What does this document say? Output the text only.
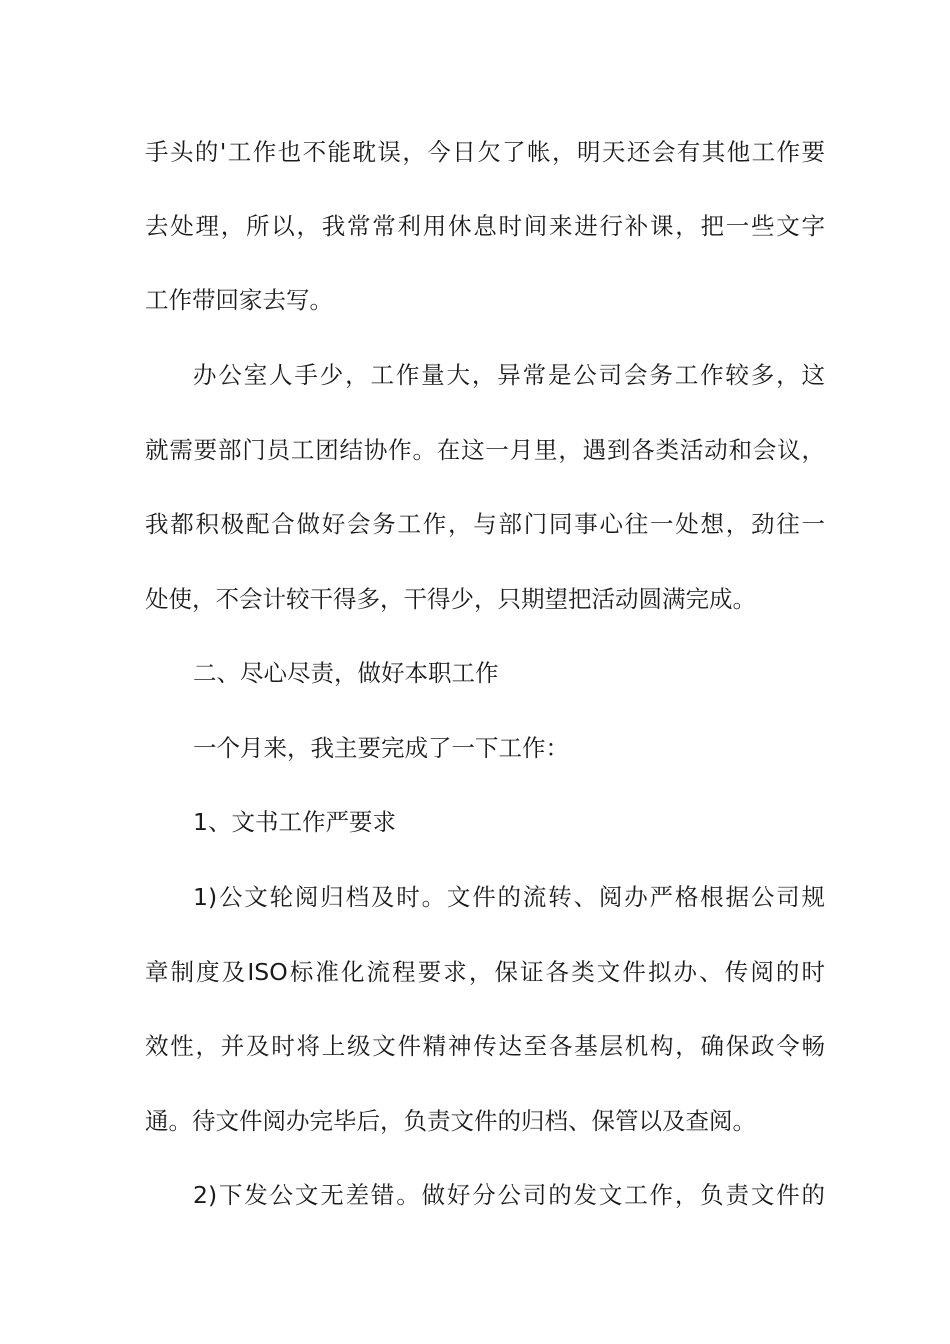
手头的'工作也不能耽误，今日欠了帐，明天还会有其他工作要
去处理，所以，我常常利用休息时间来进行补课，把一些文字
工作带回家去写。
办公室人手少，工作量大，异常是公司会务工作较多，这
就需要部门员工团结协作。在这一月里，遇到各类活动和会议，
我都积极配合做好会务工作，与部门同事心往一处想，劲往一
处使，不会计较干得多，干得少，只期望把活动圆满完成。
二、尽心尽责，做好本职工作
一个月来，我主要完成了一下工作：
1、文书工作严要求
1)公文轮阅归档及时。文件的流转、阅办严格根据公司规
章制度及ISO标准化流程要求，保证各类文件拟办、传阅的时
效性，并及时将上级文件精神传达至各基层机构，确保政令畅
通。待文件阅办完毕后，负责文件的归档、保管以及查阅。
2)下发公文无差错。做好分公司的发文工作，负责文件的
